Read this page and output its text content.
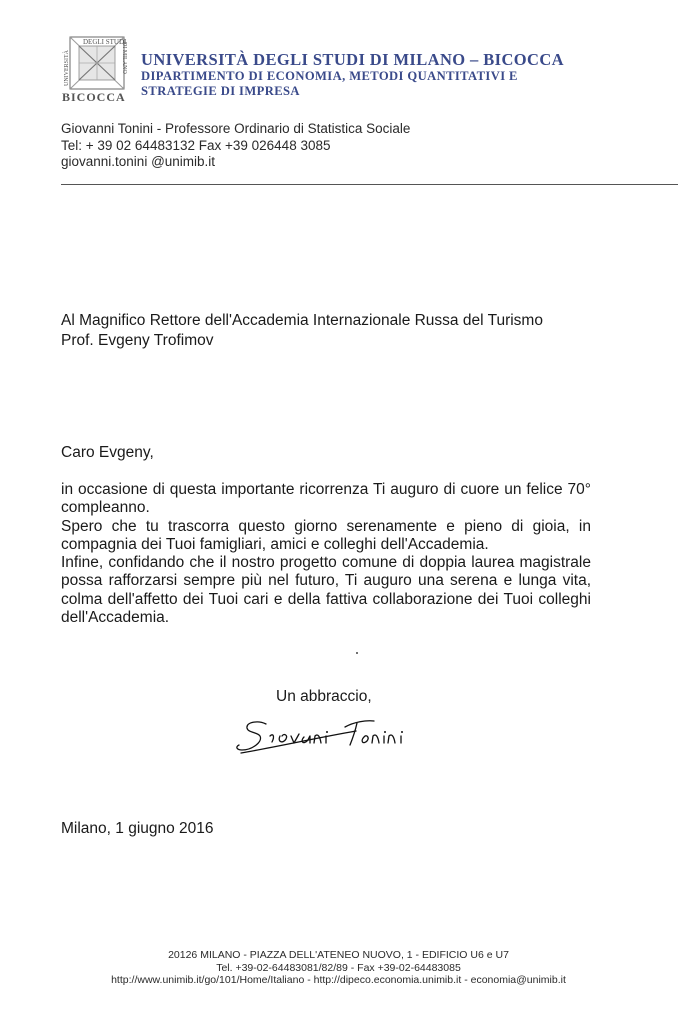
DEGLI STUDI
UNIVERSITÀ	DI MILANO
BICOCCA
UNIVERSITÀ DEGLI STUDI DI MILANO – BICOCCA
DIPARTIMENTO DI ECONOMIA, METODI QUANTITATIVI E
STRATEGIE DI IMPRESA
Giovanni Tonini - Professore Ordinario di Statistica Sociale
Tel: + 39 02 64483132 Fax +39 026448 3085
giovanni.tonini @unimib.it
Al Magnifico Rettore dell'Accademia Internazionale Russa del Turismo
Prof. Evgeny Trofimov
Caro Evgeny,

in occasione di questa importante ricorrenza Ti auguro di cuore un felice 70° compleanno.

Spero che tu trascorra questo giorno serenamente e pieno di gioia, in compagnia dei Tuoi famigliari, amici e colleghi dell'Accademia.

Infine, confidando che il nostro progetto comune di doppia laurea magistrale possa rafforzarsi sempre più nel futuro, Ti auguro una serena e lunga vita, colma dell'affetto dei Tuoi cari e della fattiva collaborazione dei Tuoi colleghi dell'Accademia.

Un abbraccio,
Milano, 1 giugno 2016
20126 MILANO - PIAZZA DELL'ATENEO NUOVO, 1 - EDIFICIO U6 e U7
Tel. +39-02-64483081/82/89 - Fax +39-02-64483085
http://www.unimib.it/go/101/Home/Italiano - http://dipeco.economia.unimib.it - economia@unimib.it
